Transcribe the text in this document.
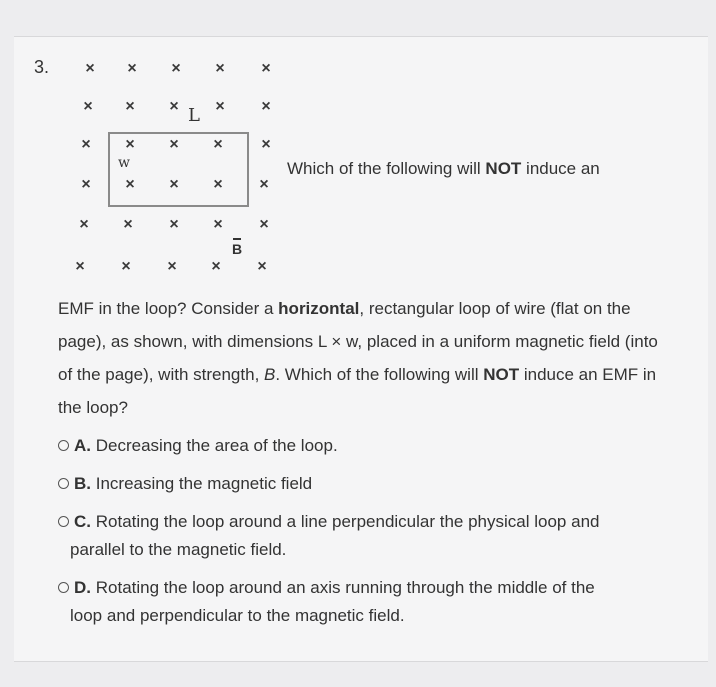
3.
L
w
B
× × × × ×
× × × × ×
× × × × ×
× × × × ×
× × × × ×
× × × × ×
Which of the following will NOT induce an
EMF in the loop? Consider a horizontal, rectangular loop of wire (flat on the page), as shown, with dimensions L × w, placed in a uniform magnetic field (into of the page), with strength, B. Which of the following will NOT induce an EMF in the loop?
A. Decreasing the area of the loop.
B. Increasing the magnetic field
C. Rotating the loop around a line perpendicular the physical loop and
parallel to the magnetic field.
D. Rotating the loop around an axis running through the middle of the
loop and perpendicular to the magnetic field.
